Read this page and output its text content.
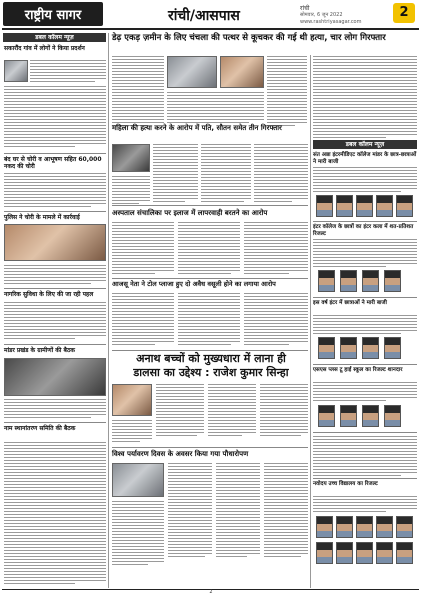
राष्ट्रीय सागर	रांची/आसपास	रांची
सोमवार, 6 जून 2022
www.rashtriyasagar.com
2
डबल कॉलम न्यूज़
सकारौंद गांव में लोगों ने किया प्रदर्शन
बंद घर से चोरी व आभूषण सहित 60,000 नकद की चोरी
पुलिस ने चोरी के मामले में कार्रवाई
नागरिक सुविधा के लिए की जा रही पहल
मांडर प्रखंड के ग्रामीणों की बैठक
नाम स्थानांतरण समिति की बैठक
डेढ़ एकड़ ज़मीन के लिए चंचला की पत्थर से कूचकर की गई थी हत्या, चार लोग गिरफ्तार
महिला की हत्या करने के आरोप में पति, सौतन समेत तीन गिरफ्तार
अस्पताल संचालिका पर इलाज में लापरवाही बरतने का आरोप
आजसू नेता ने टोल प्लाजा हुए दो अवैध वसूली होने का लगाया आरोप
अनाथ बच्चों को मुख्यधारा में लाना ही
डालसा का उद्देश्य : राजेश कुमार सिन्हा
विश्व पर्यावरण दिवस के अवसर किया गया पौधारोपण
डबल कॉलम न्यूज़
संत अन्ना इंटरमीडिएट कॉलेज मांडर के छात्र-छात्राओं ने मारी बाजी
इंटर कॉलेज के छात्रों का इंटर कला में शत-प्रतिशत रिजल्ट
इस वर्ष इंटर में छात्राओं ने मारी बाजी
एसएस प्लस टू हाई स्कूल का रिजल्ट शानदार
नवोदय उच्च विद्यालय का रिजल्ट
2
